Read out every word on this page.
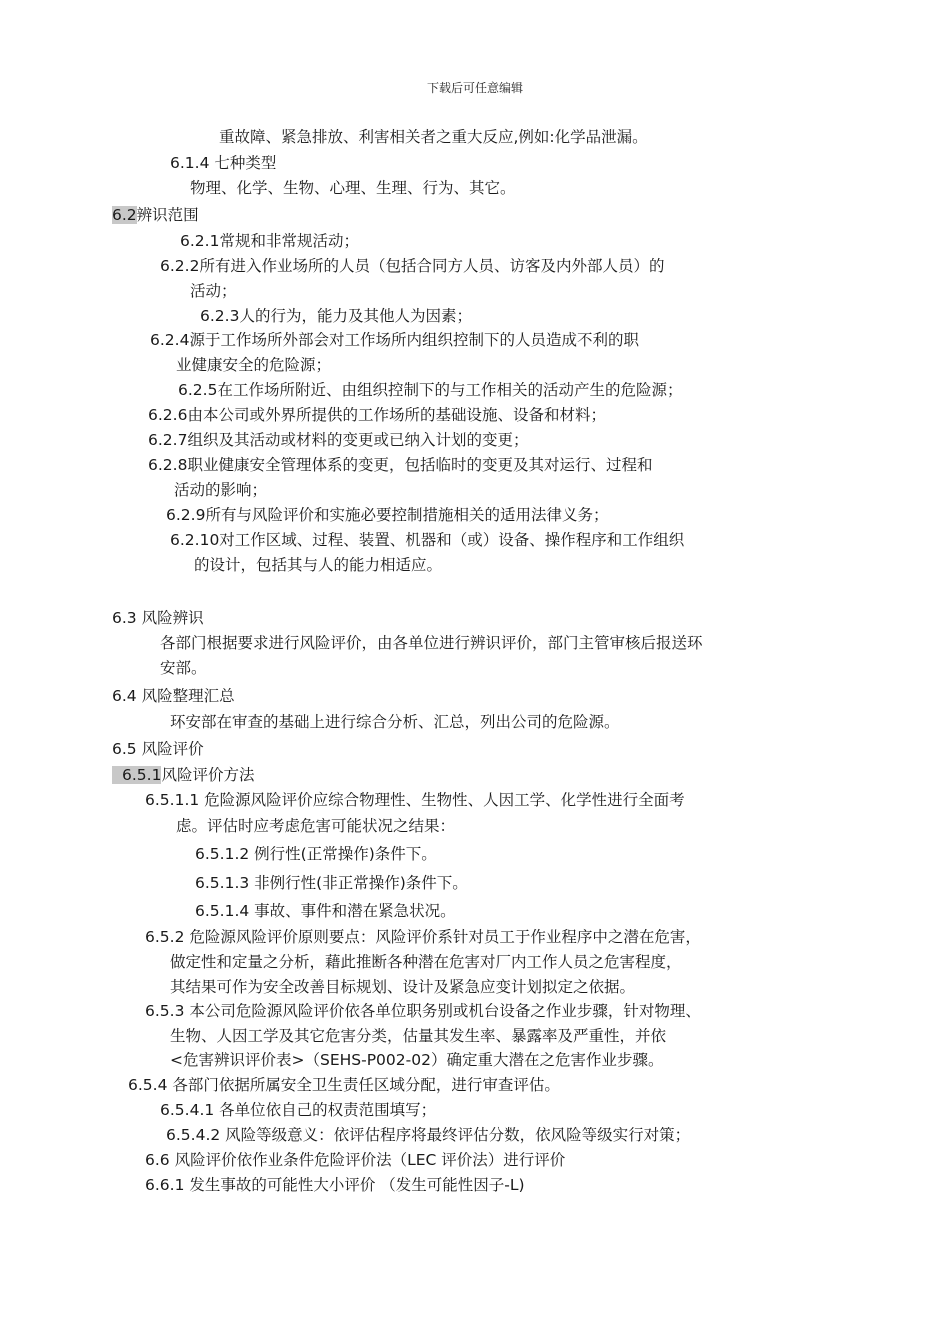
下载后可任意编辑
重故障、紧急排放、利害相关者之重大反应,例如:化学品泄漏。
6.1.4 七种类型
物理、化学、生物、心理、生理、行为、其它。
6.2辨识范围
6.2.1常规和非常规活动；
6.2.2所有进入作业场所的人员（包括合同方人员、访客及内外部人员）的
活动；
6.2.3人的行为，能力及其他人为因素；
6.2.4源于工作场所外部会对工作场所内组织控制下的人员造成不利的职
业健康安全的危险源；
6.2.5在工作场所附近、由组织控制下的与工作相关的活动产生的危险源；
6.2.6由本公司或外界所提供的工作场所的基础设施、设备和材料；
6.2.7组织及其活动或材料的变更或已纳入计划的变更；
6.2.8职业健康安全管理体系的变更，包括临时的变更及其对运行、过程和
活动的影响；
6.2.9所有与风险评价和实施必要控制措施相关的适用法律义务；
6.2.10对工作区域、过程、装置、机器和（或）设备、操作程序和工作组织
的设计，包括其与人的能力相适应。
6.3 风险辨识
各部门根据要求进行风险评价，由各单位进行辨识评价，部门主管审核后报送环
安部。
6.4 风险整理汇总
环安部在审查的基础上进行综合分析、汇总，列出公司的危险源。
6.5 风险评价
6.5.1风险评价方法
6.5.1.1 危险源风险评价应综合物理性、生物性、人因工学、化学性进行全面考
虑。评估时应考虑危害可能状况之结果：
6.5.1.2 例行性(正常操作)条件下。
6.5.1.3 非例行性(非正常操作)条件下。
6.5.1.4 事故、事件和潜在紧急状况。
6.5.2 危险源风险评价原则要点：风险评价系针对员工于作业程序中之潜在危害，
做定性和定量之分析，藉此推断各种潜在危害对厂内工作人员之危害程度，
其结果可作为安全改善目标规划、设计及紧急应变计划拟定之依据。
6.5.3 本公司危险源风险评价依各单位职务别或机台设备之作业步骤，针对物理、
生物、人因工学及其它危害分类，估量其发生率、暴露率及严重性，并依
<危害辨识评价表>（SEHS-P002-02）确定重大潜在之危害作业步骤。
6.5.4 各部门依据所属安全卫生责任区域分配，进行审查评估。
6.5.4.1 各单位依自己的权责范围填写；
6.5.4.2 风险等级意义：依评估程序将最终评估分数，依风险等级实行对策；
6.6 风险评价依作业条件危险评价法（LEC 评价法）进行评价
6.6.1 发生事故的可能性大小评价 （发生可能性因子-L)
